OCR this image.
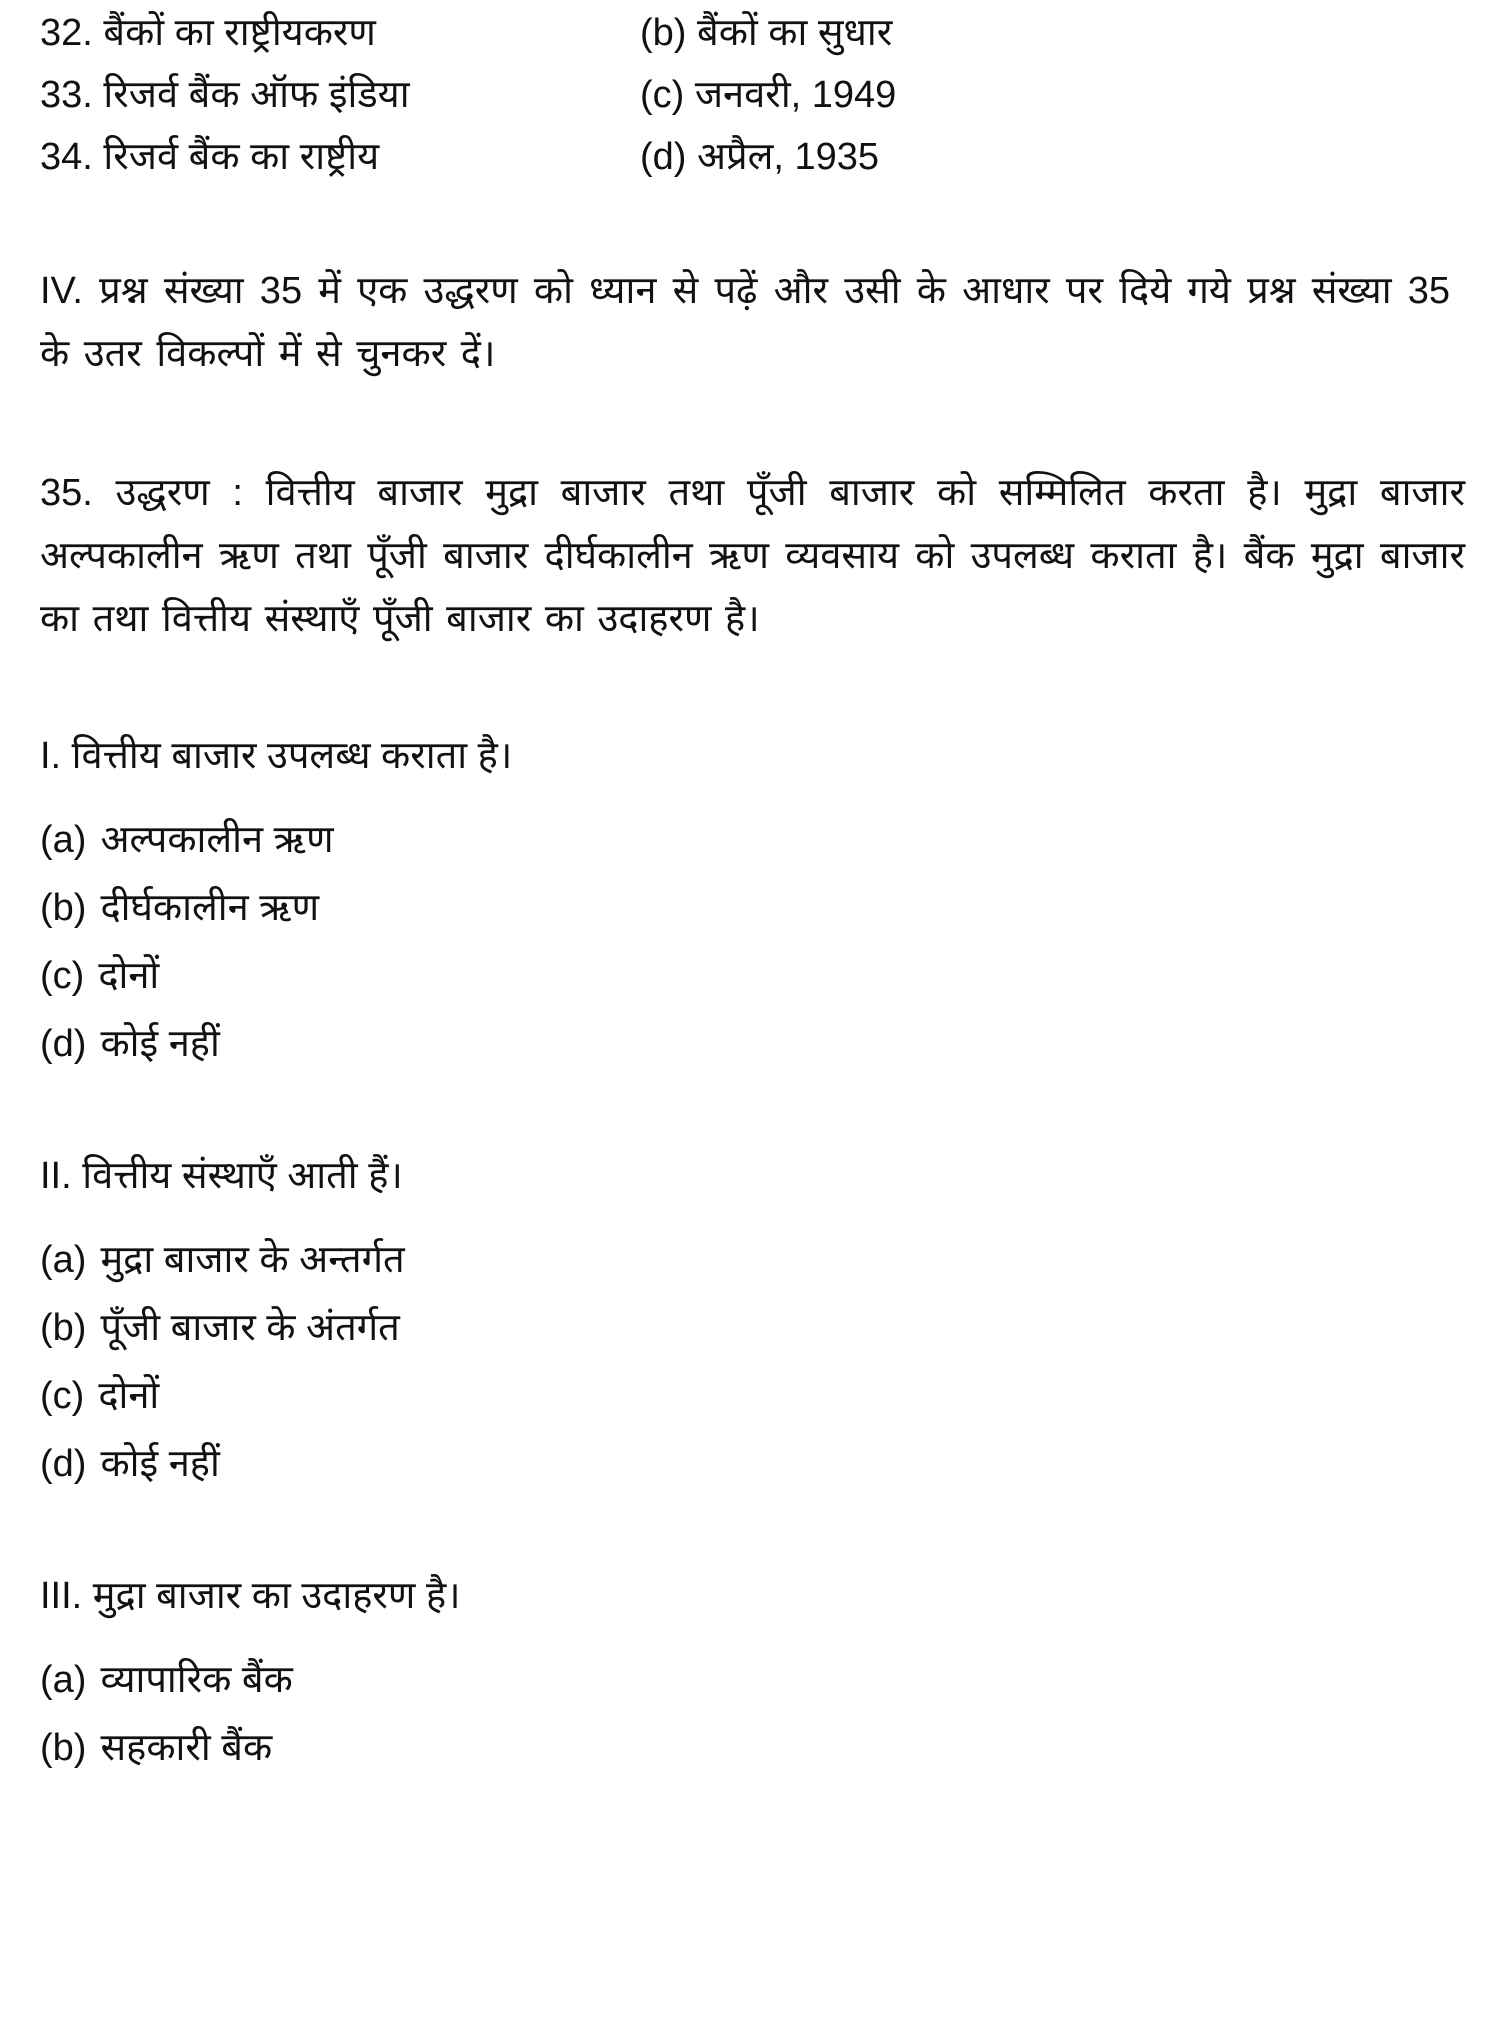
32. बैंकों का राष्ट्रीयकरण	(b) बैंकों का सुधार
33. रिजर्व बैंक ऑफ इंडिया	(c) जनवरी, 1949
34. रिजर्व बैंक का राष्ट्रीय	(d) अप्रैल, 1935
IV. प्रश्न संख्या 35 में एक उद्धरण को ध्यान से पढ़ें और उसी के आधार पर दिये गये प्रश्न संख्या 35 के उतर विकल्पों में से चुनकर दें।
35. उद्धरण : वित्तीय बाजार मुद्रा बाजार तथा पूँजी बाजार को सम्मिलित करता है। मुद्रा बाजार अल्पकालीन ऋण तथा पूँजी बाजार दीर्घकालीन ऋण व्यवसाय को उपलब्ध कराता है। बैंक मुद्रा बाजार का तथा वित्तीय संस्थाएँ पूँजी बाजार का उदाहरण है।
I. वित्तीय बाजार उपलब्ध कराता है।
(a) अल्पकालीन ऋण
(b) दीर्घकालीन ऋण
(c) दोनों
(d) कोई नहीं
II. वित्तीय संस्थाएँ आती हैं।
(a) मुद्रा बाजार के अन्तर्गत
(b) पूँजी बाजार के अंतर्गत
(c) दोनों
(d) कोई नहीं
III. मुद्रा बाजार का उदाहरण है।
(a) व्यापारिक बैंक
(b) सहकारी बैंक
